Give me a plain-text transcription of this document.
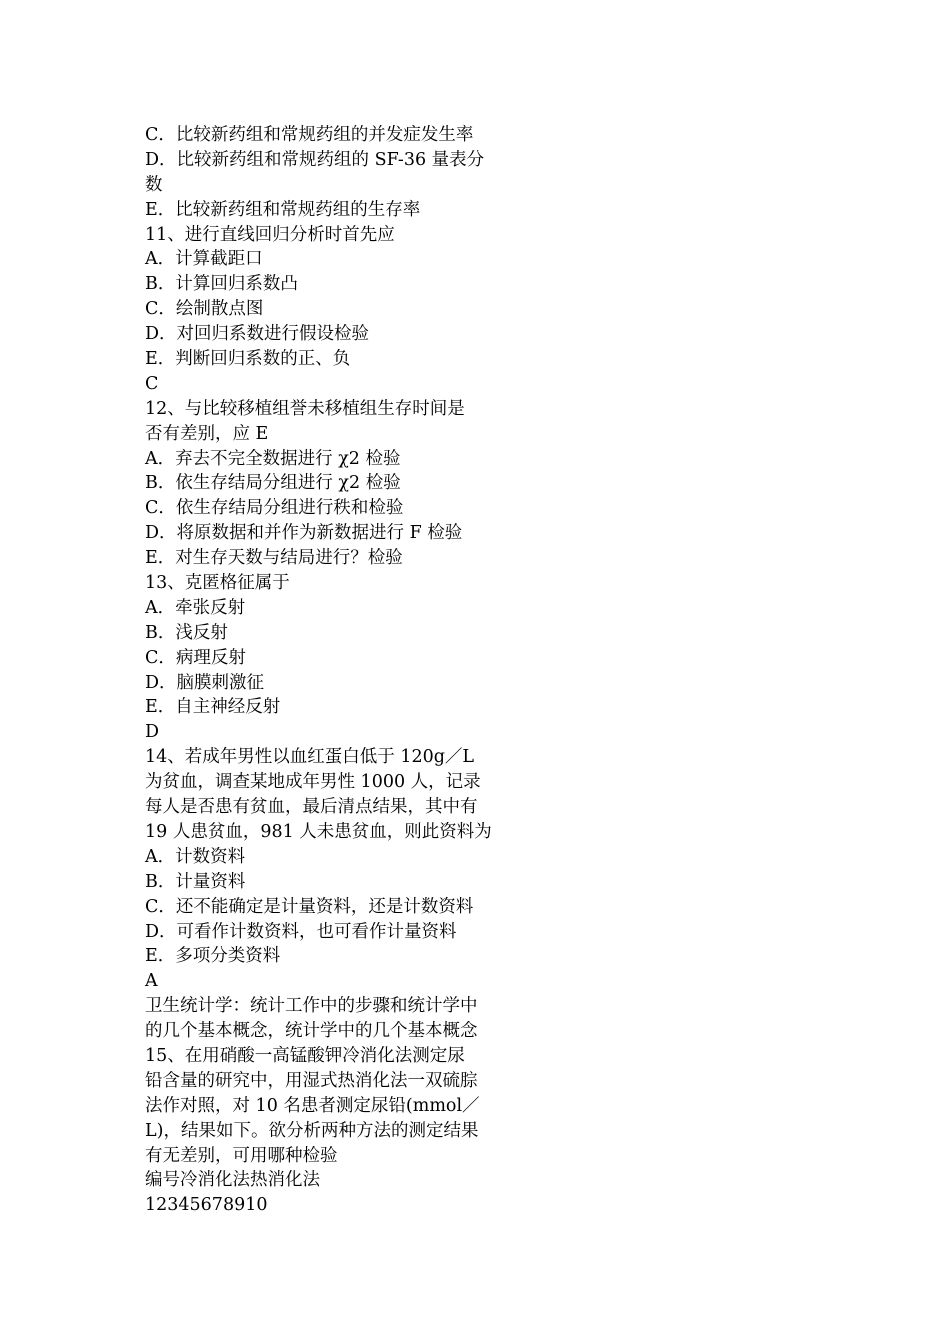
C．比较新药组和常规药组的并发症发生率
D．比较新药组和常规药组的 SF-36 量表分
数
E．比较新药组和常规药组的生存率
11、进行直线回归分析时首先应
A．计算截距口
B．计算回归系数凸
C．绘制散点图
D．对回归系数进行假设检验
E．判断回归系数的正、负
C
12、与比较移植组誉未移植组生存时间是
否有差别，应 E
A．弃去不完全数据进行 χ2 检验
B．依生存结局分组进行 χ2 检验
C．依生存结局分组进行秩和检验
D．将原数据和并作为新数据进行 F 检验
E．对生存天数与结局进行？检验
13、克匿格征属于
A．牵张反射
B．浅反射
C．病理反射
D．脑膜刺激征
E．自主神经反射
D
14、若成年男性以血红蛋白低于 120g／L
为贫血，调查某地成年男性 1000 人，记录
每人是否患有贫血，最后清点结果，其中有
19 人患贫血，981 人未患贫血，则此资料为
A．计数资料
B．计量资料
C．还不能确定是计量资料，还是计数资料
D．可看作计数资料，也可看作计量资料
E．多项分类资料
A
卫生统计学：统计工作中的步骤和统计学中
的几个基本概念，统计学中的几个基本概念
15、在用硝酸一高锰酸钾冷消化法测定尿
铅含量的研究中，用湿式热消化法一双硫腙
法作对照，对 10 名患者测定尿铅(mmol／
L)，结果如下。欲分析两种方法的测定结果
有无差别，可用哪种检验
编号冷消化法热消化法
12345678910
